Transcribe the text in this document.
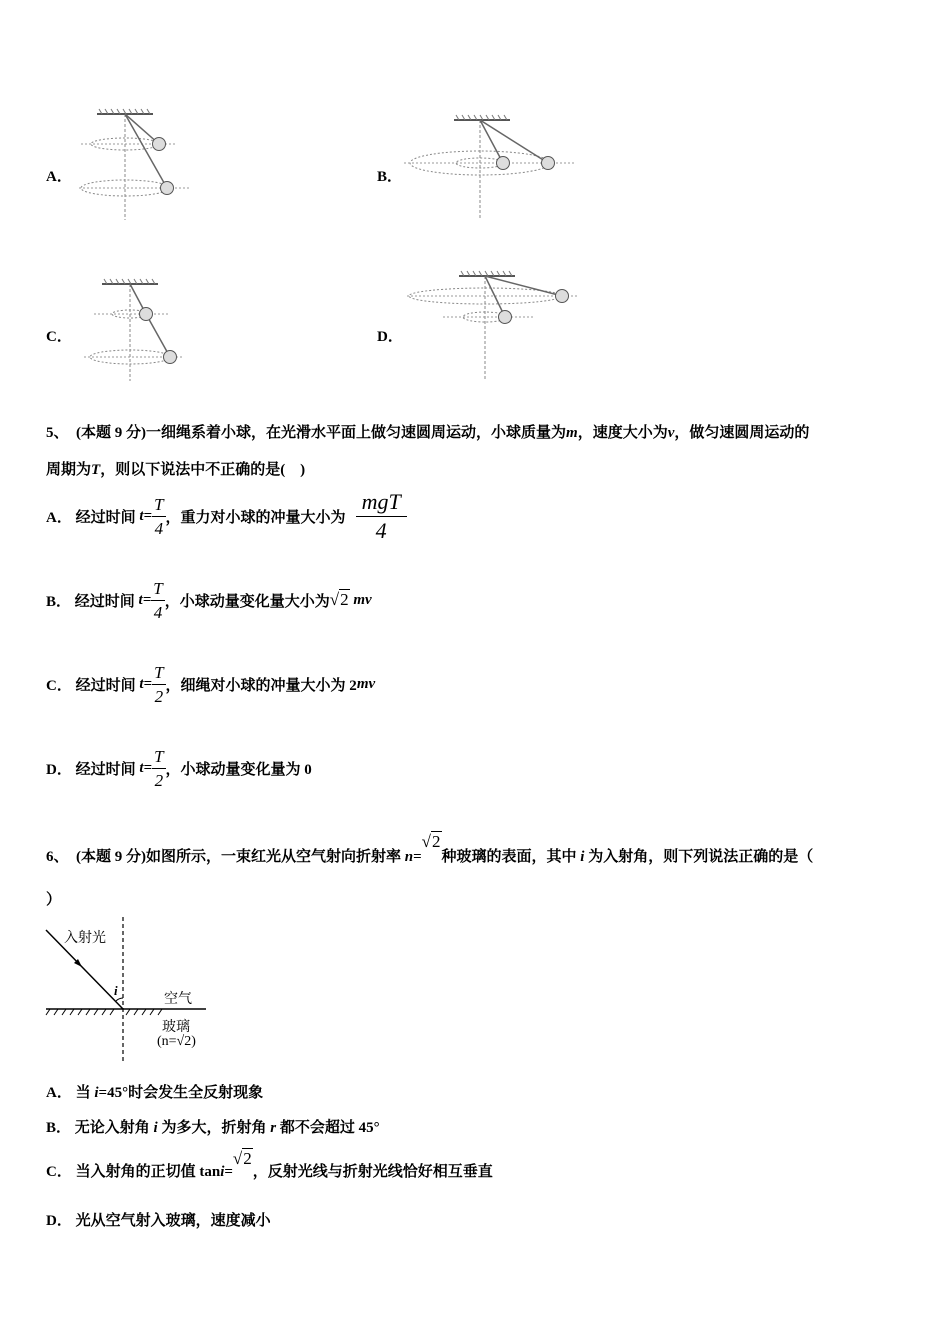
A．	B．
C．	D．
5、 (本题 9 分)一细绳系着小球，在光滑水平面上做匀速圆周运动，小球质量为m，速度大小为v，做匀速圆周运动的
周期为T，则以下说法中不正确的是(　)
A．
经过时间
$t= \frac{T}{4}$ ，重力对小球的冲量大小为 $\frac{\text{mgT}}{4}$
B．
经过时间
$t= \frac{T}{4}$ ，小球动量变化量大小为 √2
mv
C．
经过时间
$t= \frac{T}{2}$ ，细绳对小球的冲量大小为 2 mv
D．
经过时间
$t= \frac{T}{2}$ ，小球动量变化量为 0
6、
(本题 9 分)如图所示，一束红光从空气射向折射率
n =
√2
种玻璃的表面，其中
i
为入射角，则下列说法正确的是（
）
入射光
i
空气
玻璃
(n=√2)
A． 当 i=45°时会发生全反射现象
B． 无论入射角 i 为多大，折射角 r 都不会超过 45°
C．
当入射角的正切值 tan i =
√2
，反射光线与折射光线恰好相互垂直
D． 光从空气射入玻璃，速度减小
